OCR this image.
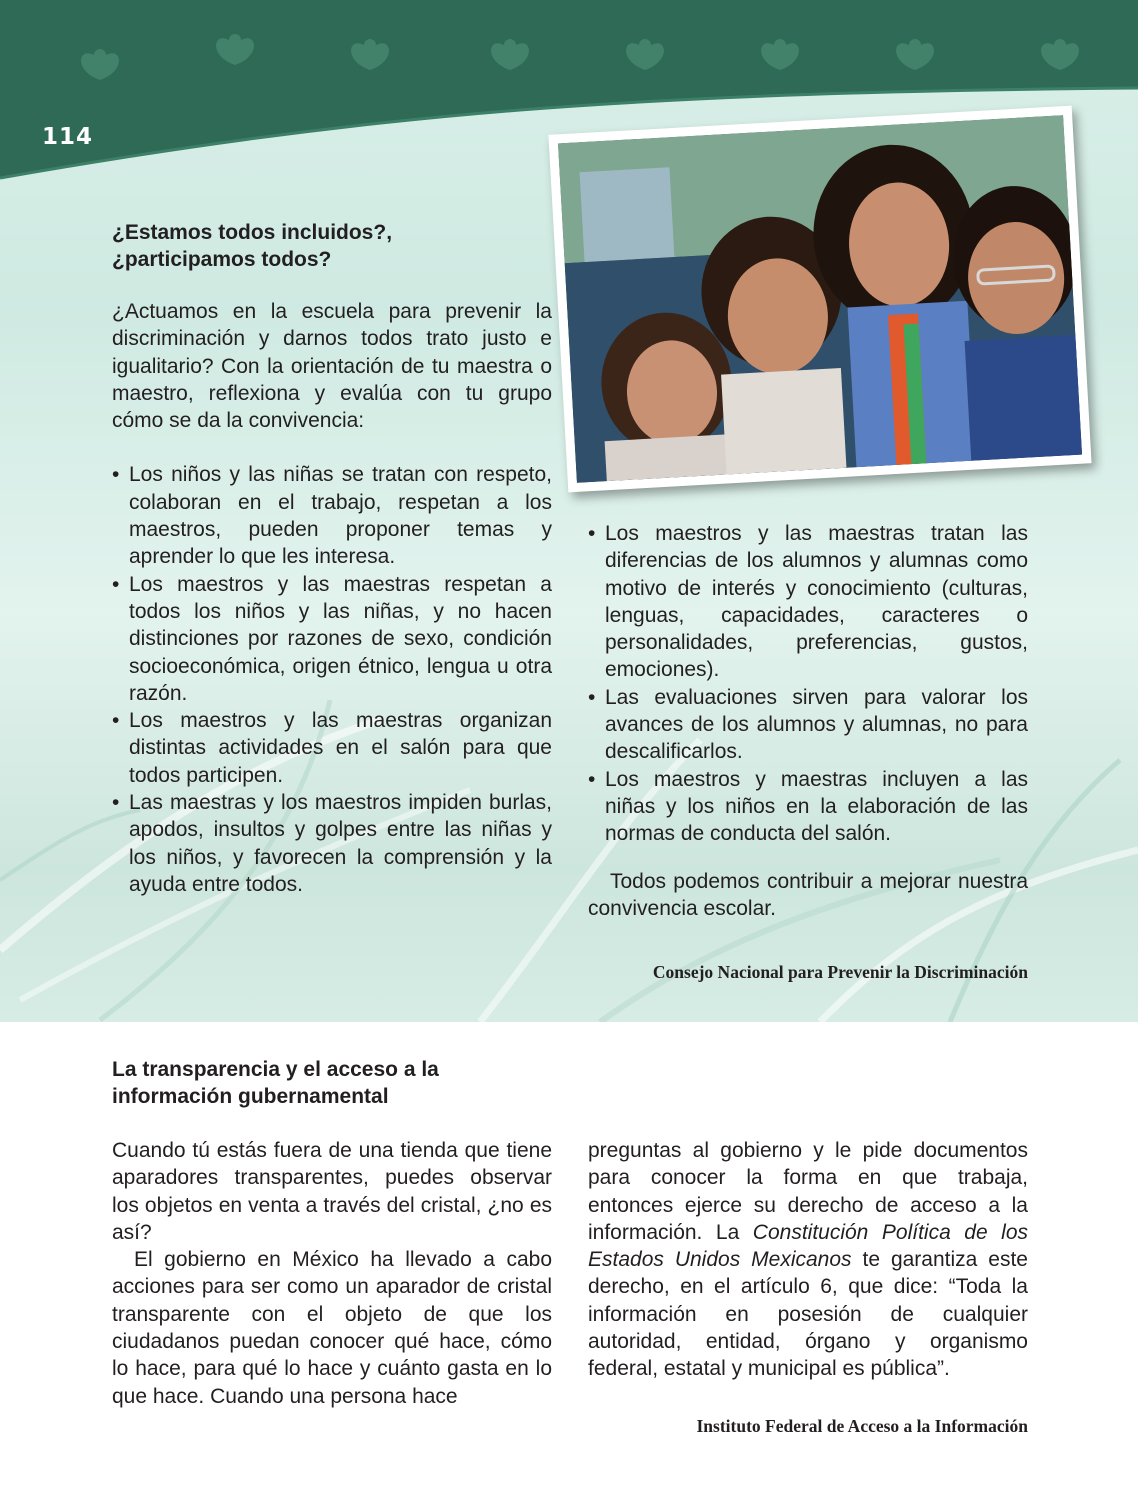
114
¿Estamos todos incluidos?,
¿participamos todos?

¿Actuamos en la escuela para prevenir la discriminación y darnos todos trato justo e igualitario? Con la orientación de tu maestra o maestro, reflexiona y evalúa con tu grupo cómo se da la convivencia:

• Los niños y las niñas se tratan con respeto, colaboran en el trabajo, respetan a los maestros, pueden proponer temas y aprender lo que les interesa.
• Los maestros y las maestras respetan a todos los niños y las niñas, y no hacen distinciones por razones de sexo, condición socioeconómica, origen étnico, lengua u otra razón.
• Los maestros y las maestras organizan distintas actividades en el salón para que todos participen.
• Las maestras y los maestros impiden burlas, apodos, insultos y golpes entre las niñas y los niños, y favorecen la comprensión y la ayuda entre todos.
• Los maestros y las maestras tratan las diferencias de los alumnos y alumnas como motivo de interés y conocimiento (culturas, lenguas, capacidades, caracteres o personalidades, preferencias, gustos, emociones).
• Las evaluaciones sirven para valorar los avances de los alumnos y alumnas, no para descalificarlos.
• Los maestros y maestras incluyen a las niñas y los niños en la elaboración de las normas de conducta del salón.

Todos podemos contribuir a mejorar nuestra convivencia escolar.

Consejo Nacional para Prevenir la Discriminación
La transparencia y el acceso a la
información gubernamental

Cuando tú estás fuera de una tienda que tiene aparadores transparentes, puedes observar los objetos en venta a través del cristal, ¿no es así?

El gobierno en México ha llevado a cabo acciones para ser como un aparador de cristal transparente con el objeto de que los ciudadanos puedan conocer qué hace, cómo lo hace, para qué lo hace y cuánto gasta en lo que hace. Cuando una persona hace

preguntas al gobierno y le pide documentos para conocer la forma en que trabaja, entonces ejerce su derecho de acceso a la información. La Constitución Política de los Estados Unidos Mexicanos te garantiza este derecho, en el artículo 6, que dice: “Toda la información en posesión de cualquier autoridad, entidad, órgano y organismo federal, estatal y municipal es pública”.

Instituto Federal de Acceso a la Información
